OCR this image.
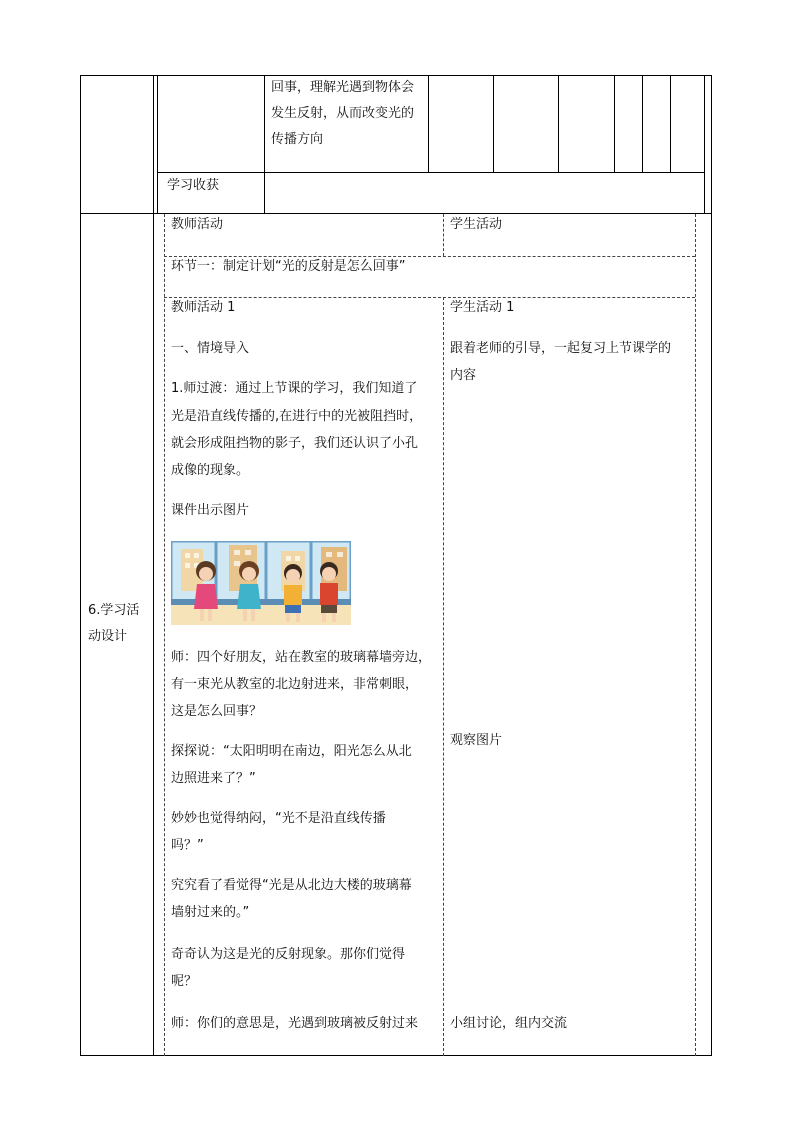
回事，理解光遇到物体会
发生反射，从而改变光的
传播方向
学习收获
6.学习活
动设计
教师活动	学生活动
环节一：制定计划“光的反射是怎么回事”
教师活动 1	学生活动 1
一、情境导入
1.师过渡：通过上节课的学习，我们知道了
光是沿直线传播的,在进行中的光被阻挡时，
就会形成阻挡物的影子，我们还认识了小孔
成像的现象。
课件出示图片
师：四个好朋友，站在教室的玻璃幕墙旁边，
有一束光从教室的北边射进来，非常刺眼，
这是怎么回事？
探探说：“太阳明明在南边，阳光怎么从北
边照进来了？”
妙妙也觉得纳闷，“光不是沿直线传播
吗？”
究究看了看觉得“光是从北边大楼的玻璃幕
墙射过来的。”
奇奇认为这是光的反射现象。那你们觉得
呢？
师：你们的意思是，光遇到玻璃被反射过来
跟着老师的引导，一起复习上节课学的
内容
观察图片
小组讨论，组内交流
